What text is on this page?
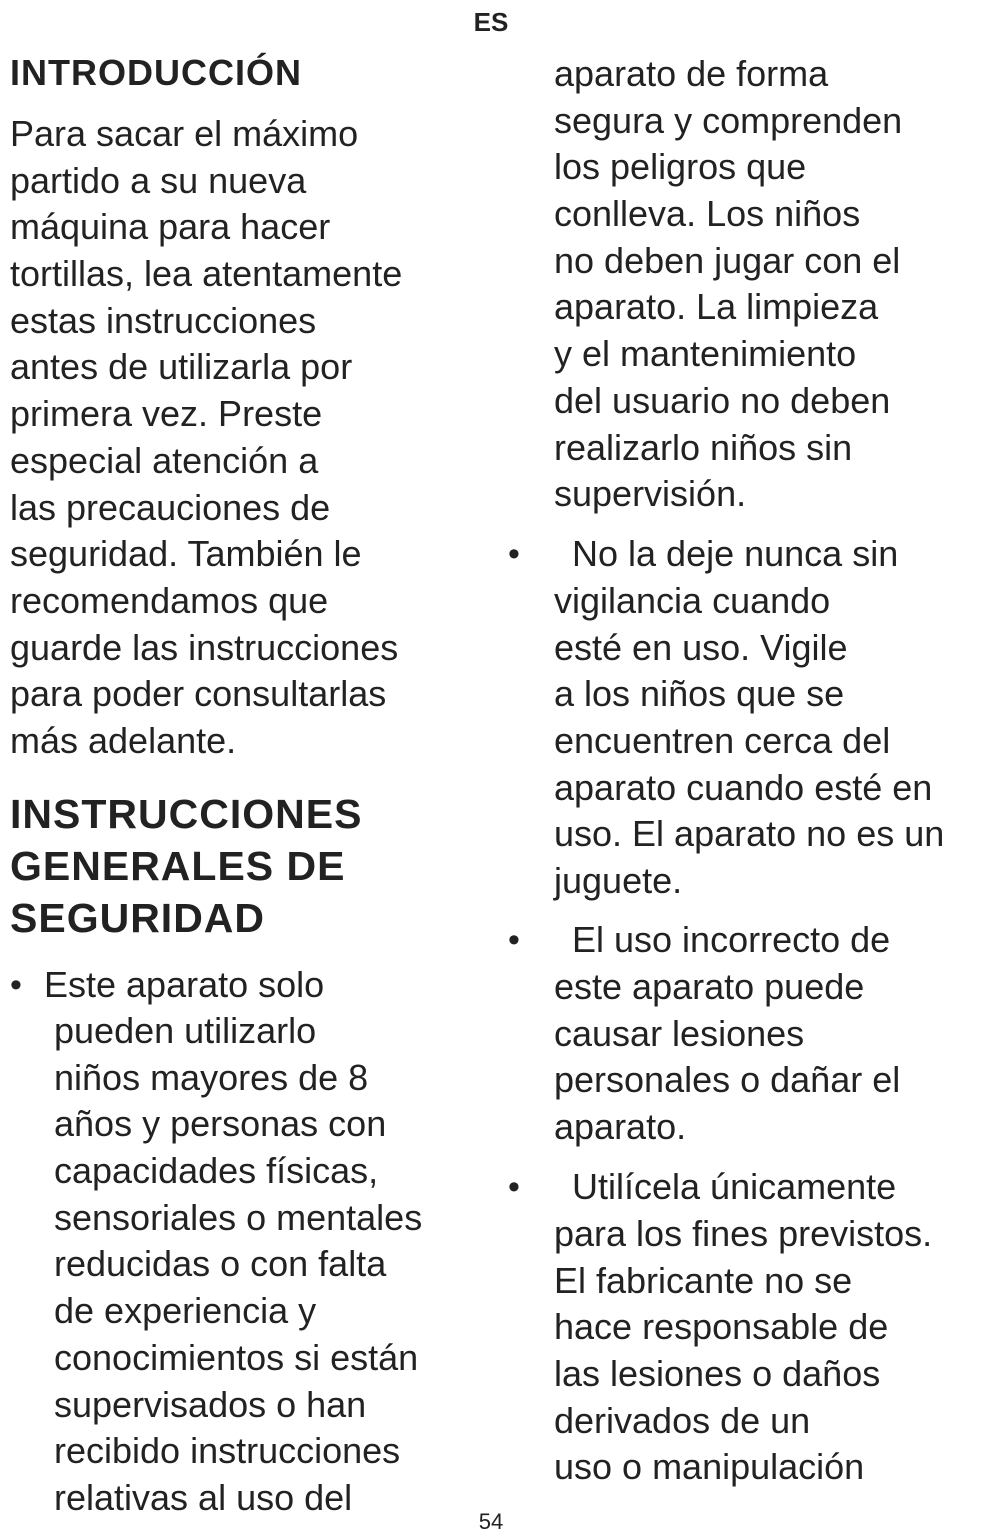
ES
INTRODUCCIÓN
Para sacar el máximo
partido a su nueva
máquina para hacer
tortillas, lea atentamente
estas instrucciones
antes de utilizarla por
primera vez. Preste
especial atención a
las precauciones de
seguridad. También le
recomendamos que
guarde las instrucciones
para poder consultarlas
más adelante.
INSTRUCCIONES
GENERALES DE
SEGURIDAD
• Este aparato solo
pueden utilizarlo
niños mayores de 8
años y personas con
capacidades físicas,
sensoriales o mentales
reducidas o con falta
de experiencia y
conocimientos si están
supervisados o han
recibido instrucciones
relativas al uso del
aparato de forma
segura y comprenden
los peligros que
conlleva. Los niños
no deben jugar con el
aparato. La limpieza
y el mantenimiento
del usuario no deben
realizarlo niños sin
supervisión.
• No la deje nunca sin
vigilancia cuando
esté en uso. Vigile
a los niños que se
encuentren cerca del
aparato cuando esté en
uso. El aparato no es un
juguete.
• El uso incorrecto de
este aparato puede
causar lesiones
personales o dañar el
aparato.
• Utilícela únicamente
para los fines previstos.
El fabricante no se
hace responsable de
las lesiones o daños
derivados de un
uso o manipulación
54
